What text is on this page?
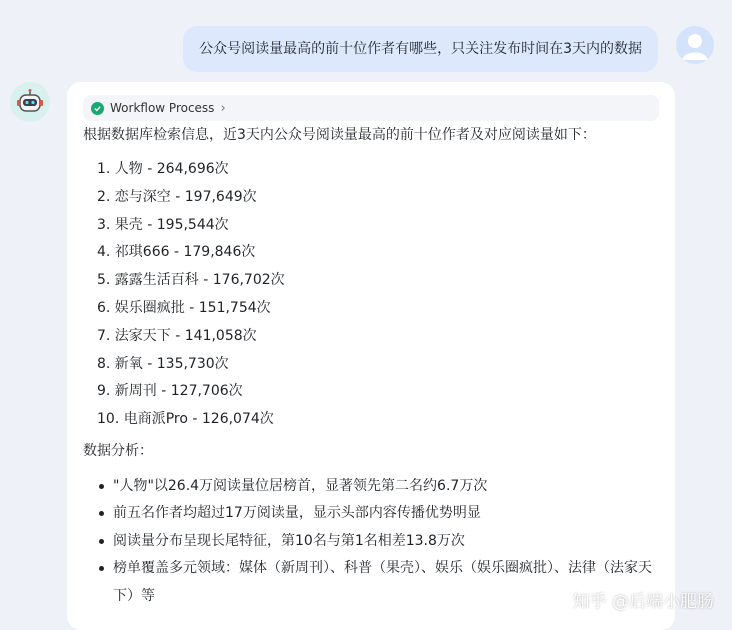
公众号阅读量最高的前十位作者有哪些，只关注发布时间在3天内的数据
Workflow Process ›
根据数据库检索信息，近3天内公众号阅读量最高的前十位作者及对应阅读量如下：
1. 人物 - 264,696次
2. 恋与深空 - 197,649次
3. 果壳 - 195,544次
4. 祁琪666 - 179,846次
5. 露露生活百科 - 176,702次
6. 娱乐圈疯批 - 151,754次
7. 法家天下 - 141,058次
8. 新氧 - 135,730次
9. 新周刊 - 127,706次
10. 电商派Pro - 126,074次
数据分析：
"人物"以26.4万阅读量位居榜首，显著领先第二名约6.7万次
前五名作者均超过17万阅读量，显示头部内容传播优势明显
阅读量分布呈现长尾特征，第10名与第1名相差13.8万次
榜单覆盖多元领域：媒体（新周刊）、科普（果壳）、娱乐（娱乐圈疯批）、法律（法家天下）等	知乎 @后端小肥肠
